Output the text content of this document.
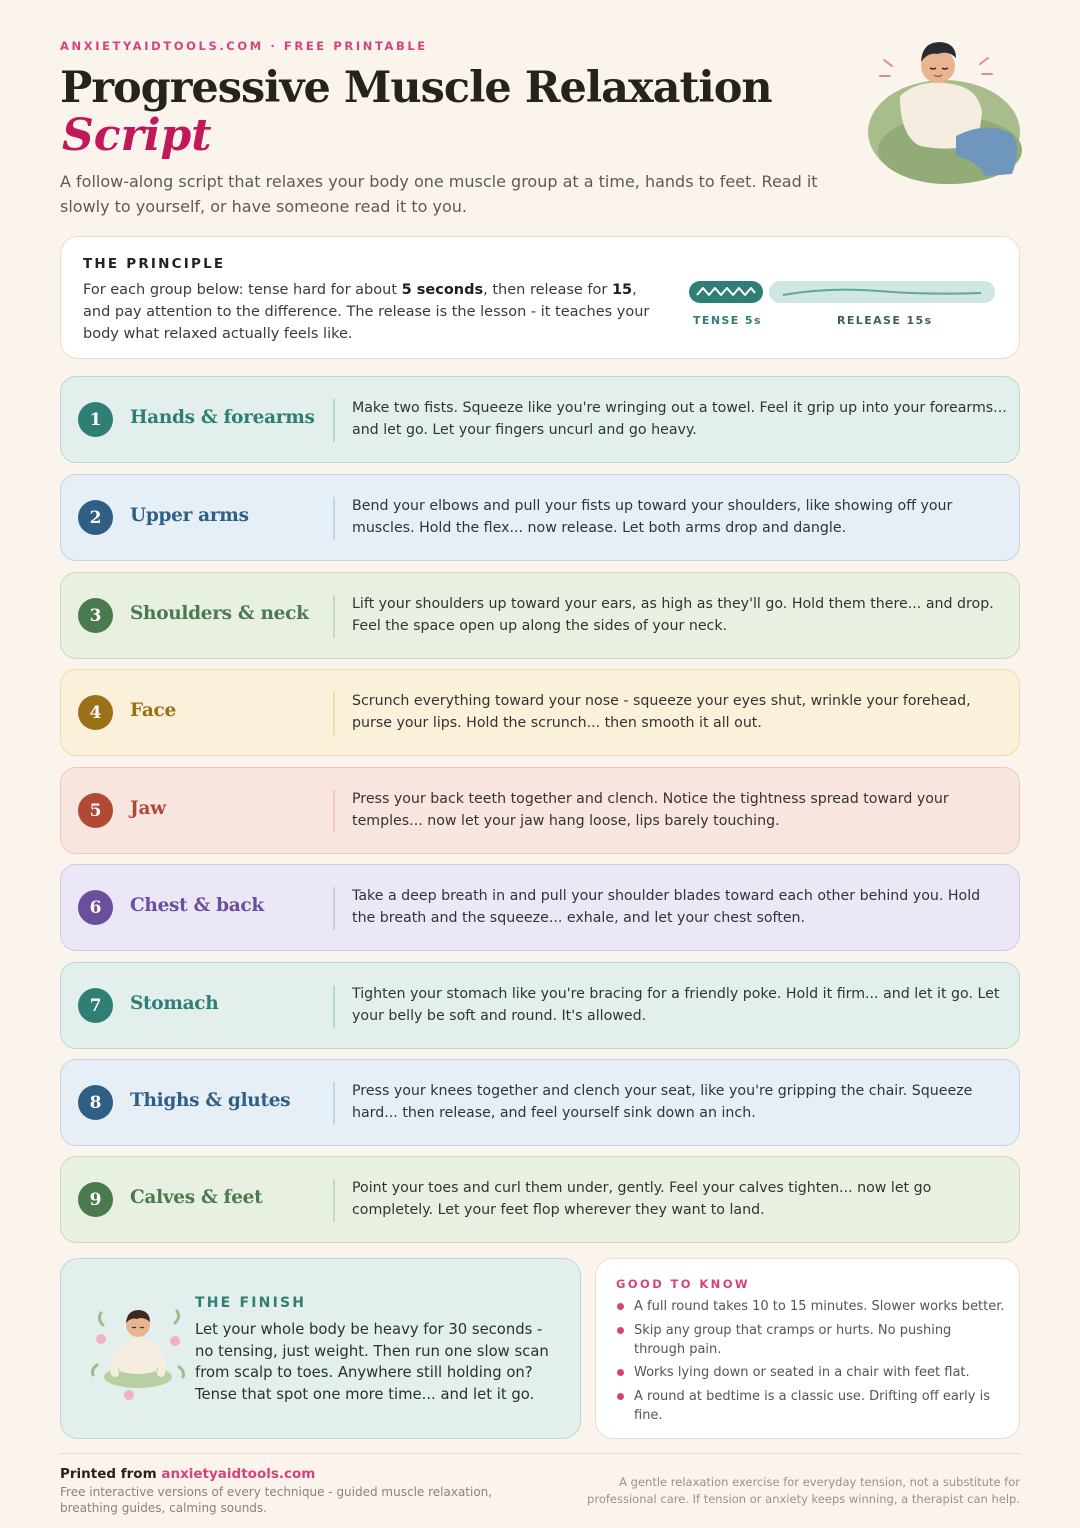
ANXIETYAIDTOOLS.COM · FREE PRINTABLE
Progressive Muscle Relaxation
Script
A follow-along script that relaxes your body one muscle group at a time, hands to feet. Read it slowly to yourself, or have someone read it to you.
THE PRINCIPLE
For each group below: tense hard for about 5 seconds, then release for 15, and pay attention to the difference. The release is the lesson - it teaches your body what relaxed actually feels like.
TENSE 5s	RELEASE 15s
1	Hands & forearms	Make two fists. Squeeze like you're wringing out a towel. Feel it grip up into your forearms... and let go. Let your fingers uncurl and go heavy.
2	Upper arms	Bend your elbows and pull your fists up toward your shoulders, like showing off your muscles. Hold the flex... now release. Let both arms drop and dangle.
3	Shoulders & neck	Lift your shoulders up toward your ears, as high as they'll go. Hold them there... and drop. Feel the space open up along the sides of your neck.
4	Face	Scrunch everything toward your nose - squeeze your eyes shut, wrinkle your forehead, purse your lips. Hold the scrunch... then smooth it all out.
5	Jaw	Press your back teeth together and clench. Notice the tightness spread toward your temples... now let your jaw hang loose, lips barely touching.
6	Chest & back	Take a deep breath in and pull your shoulder blades toward each other behind you. Hold the breath and the squeeze... exhale, and let your chest soften.
7	Stomach	Tighten your stomach like you're bracing for a friendly poke. Hold it firm... and let it go. Let your belly be soft and round. It's allowed.
8	Thighs & glutes	Press your knees together and clench your seat, like you're gripping the chair. Squeeze hard... then release, and feel yourself sink down an inch.
9	Calves & feet	Point your toes and curl them under, gently. Feel your calves tighten... now let go completely. Let your feet flop wherever they want to land.
THE FINISH
Let your whole body be heavy for 30 seconds - no tensing, just weight. Then run one slow scan from scalp to toes. Anywhere still holding on? Tense that spot one more time... and let it go.
GOOD TO KNOW
A full round takes 10 to 15 minutes. Slower works better.
Skip any group that cramps or hurts. No pushing through pain.
Works lying down or seated in a chair with feet flat.
A round at bedtime is a classic use. Drifting off early is fine.
Printed from anxietyaidtools.com
Free interactive versions of every technique - guided muscle relaxation, breathing guides, calming sounds.
A gentle relaxation exercise for everyday tension, not a substitute for professional care. If tension or anxiety keeps winning, a therapist can help.
